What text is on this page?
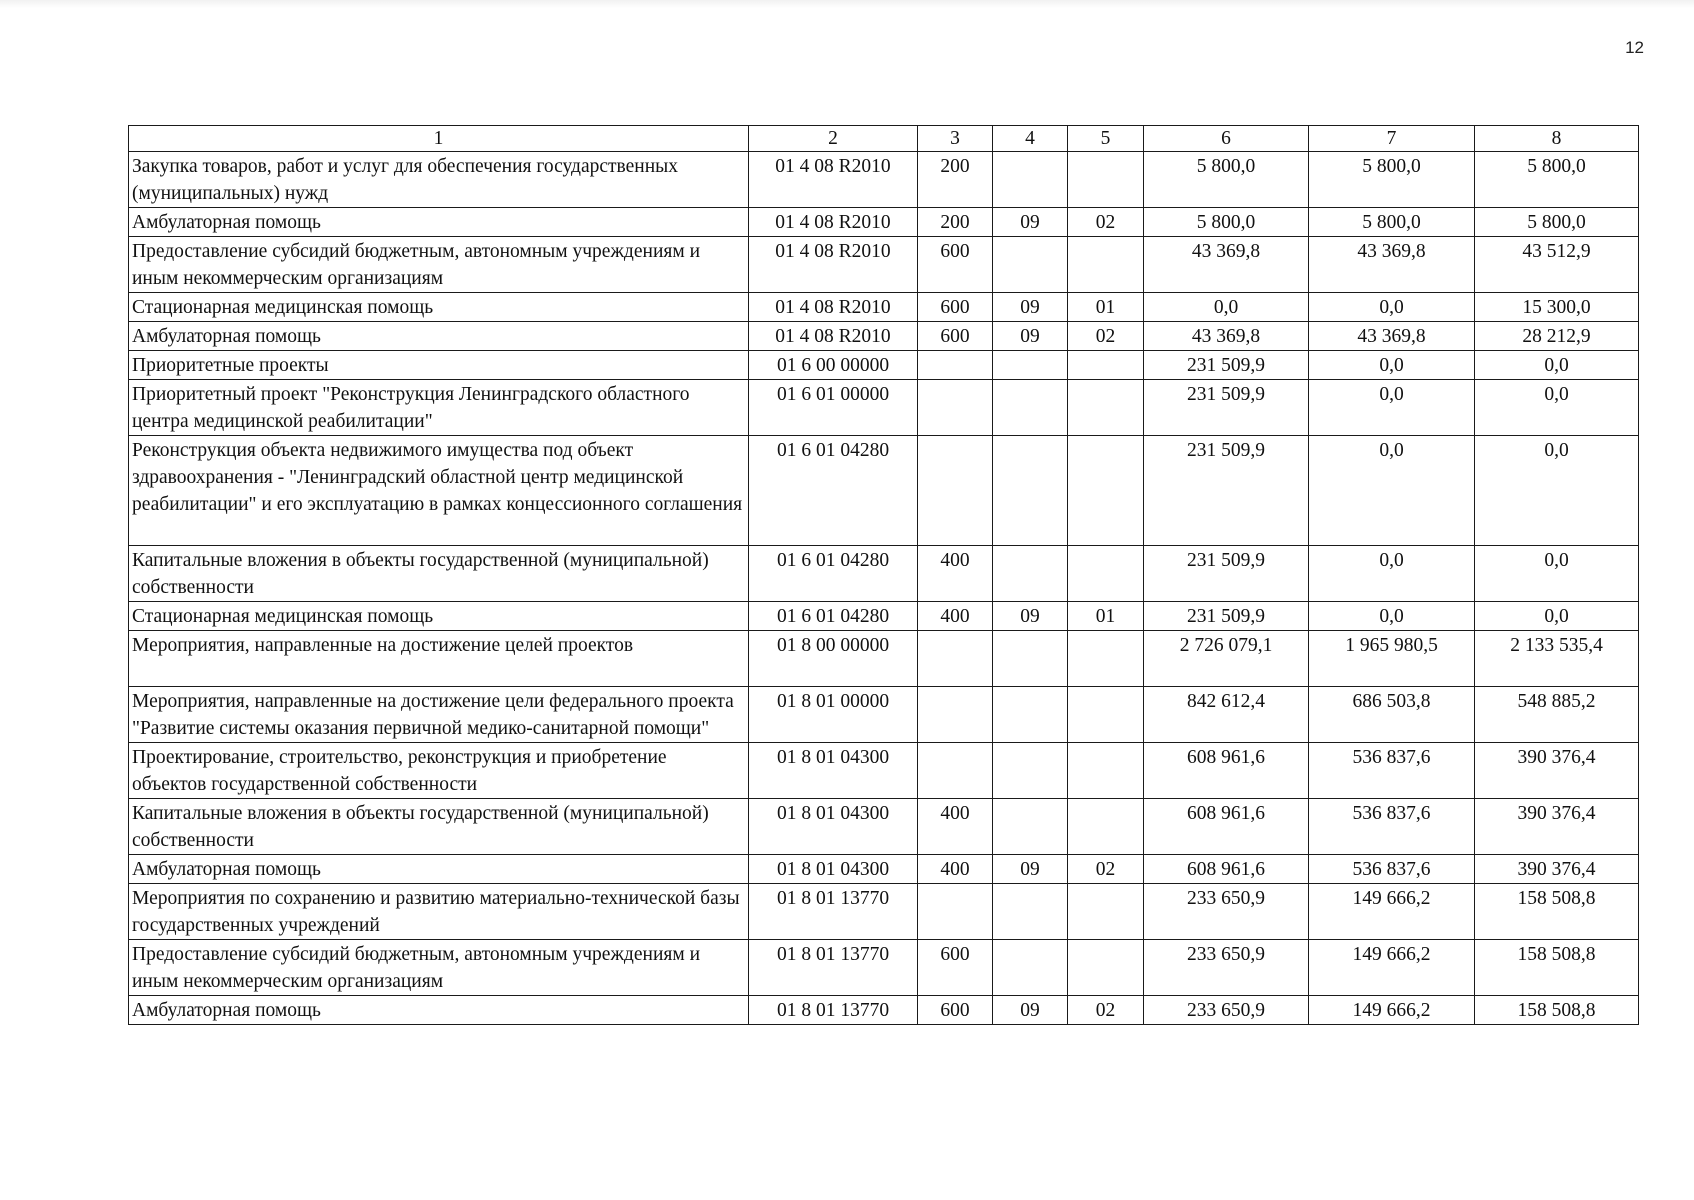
12
1	2	3	4	5	6	7	8
Закупка товаров, работ и услуг для обеспечения государственных (муниципальных) нужд	01 4 08 R2010	200			5 800,0	5 800,0	5 800,0
Амбулаторная помощь	01 4 08 R2010	200	09	02	5 800,0	5 800,0	5 800,0
Предоставление субсидий бюджетным, автономным учреждениям и иным некоммерческим организациям	01 4 08 R2010	600			43 369,8	43 369,8	43 512,9
Стационарная медицинская помощь	01 4 08 R2010	600	09	01	0,0	0,0	15 300,0
Амбулаторная помощь	01 4 08 R2010	600	09	02	43 369,8	43 369,8	28 212,9
Приоритетные проекты	01 6 00 00000				231 509,9	0,0	0,0
Приоритетный проект "Реконструкция Ленинградского областного центра медицинской реабилитации"	01 6 01 00000				231 509,9	0,0	0,0
Реконструкция объекта недвижимого имущества под объект здравоохранения - "Ленинградский областной центр медицинской реабилитации" и его эксплуатацию в рамках концессионного соглашения	01 6 01 04280				231 509,9	0,0	0,0
Капитальные вложения в объекты государственной (муниципальной) собственности	01 6 01 04280	400			231 509,9	0,0	0,0
Стационарная медицинская помощь	01 6 01 04280	400	09	01	231 509,9	0,0	0,0
Мероприятия, направленные на достижение целей проектов	01 8 00 00000				2 726 079,1	1 965 980,5	2 133 535,4
Мероприятия, направленные на достижение цели федерального проекта "Развитие системы оказания первичной медико-санитарной помощи"	01 8 01 00000				842 612,4	686 503,8	548 885,2
Проектирование, строительство, реконструкция и приобретение объектов государственной собственности	01 8 01 04300				608 961,6	536 837,6	390 376,4
Капитальные вложения в объекты государственной (муниципальной) собственности	01 8 01 04300	400			608 961,6	536 837,6	390 376,4
Амбулаторная помощь	01 8 01 04300	400	09	02	608 961,6	536 837,6	390 376,4
Мероприятия по сохранению и развитию материально-технической базы государственных учреждений	01 8 01 13770				233 650,9	149 666,2	158 508,8
Предоставление субсидий бюджетным, автономным учреждениям и иным некоммерческим организациям	01 8 01 13770	600			233 650,9	149 666,2	158 508,8
Амбулаторная помощь	01 8 01 13770	600	09	02	233 650,9	149 666,2	158 508,8
